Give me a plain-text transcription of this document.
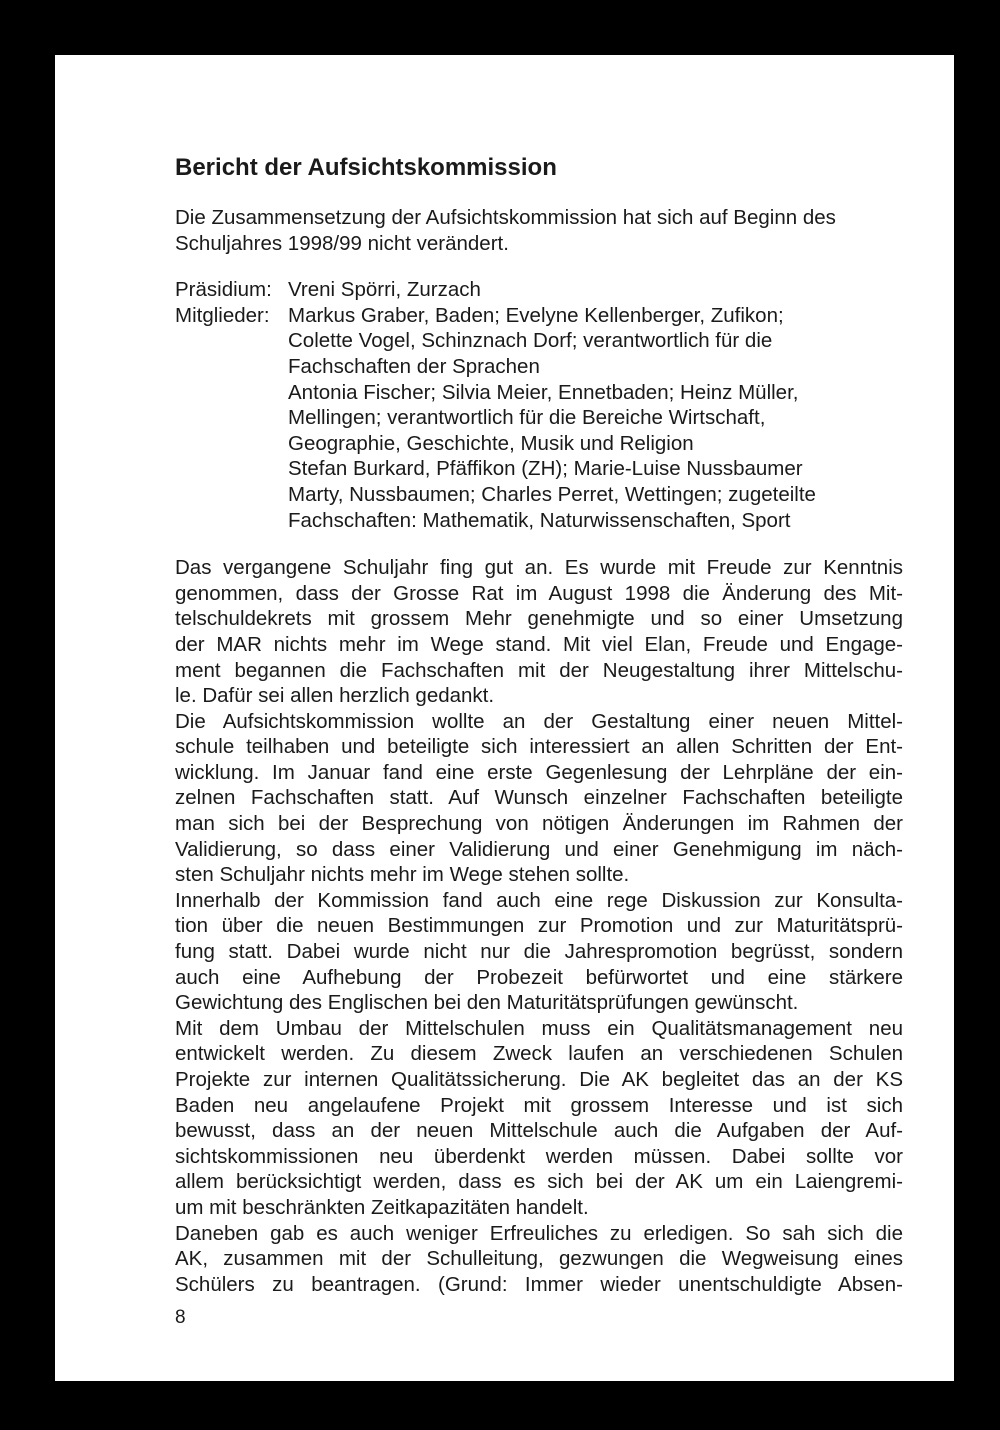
Bericht der Aufsichtskommission
Die Zusammensetzung der Aufsichtskommission hat sich auf Beginn des
Schuljahres 1998/99 nicht verändert.
Präsidium: Vreni Spörri, Zurzach
Mitglieder: Markus Graber, Baden; Evelyne Kellenberger, Zufikon;
Colette Vogel, Schinznach Dorf; verantwortlich für die
Fachschaften der Sprachen
Antonia Fischer; Silvia Meier, Ennetbaden; Heinz Müller,
Mellingen; verantwortlich für die Bereiche Wirtschaft,
Geographie, Geschichte, Musik und Religion
Stefan Burkard, Pfäffikon (ZH); Marie-Luise Nussbaumer
Marty, Nussbaumen; Charles Perret, Wettingen; zugeteilte
Fachschaften: Mathematik, Naturwissenschaften, Sport
Das vergangene Schuljahr fing gut an. Es wurde mit Freude zur Kenntnis
genommen, dass der Grosse Rat im August 1998 die Änderung des Mit-
telschuldekrets mit grossem Mehr genehmigte und so einer Umsetzung
der MAR nichts mehr im Wege stand. Mit viel Elan, Freude und Engage-
ment begannen die Fachschaften mit der Neugestaltung ihrer Mittelschu-
le. Dafür sei allen herzlich gedankt.
Die Aufsichtskommission wollte an der Gestaltung einer neuen Mittel-
schule teilhaben und beteiligte sich interessiert an allen Schritten der Ent-
wicklung. Im Januar fand eine erste Gegenlesung der Lehrpläne der ein-
zelnen Fachschaften statt. Auf Wunsch einzelner Fachschaften beteiligte
man sich bei der Besprechung von nötigen Änderungen im Rahmen der
Validierung, so dass einer Validierung und einer Genehmigung im näch-
sten Schuljahr nichts mehr im Wege stehen sollte.
Innerhalb der Kommission fand auch eine rege Diskussion zur Konsulta-
tion über die neuen Bestimmungen zur Promotion und zur Maturitätsprü-
fung statt. Dabei wurde nicht nur die Jahrespromotion begrüsst, sondern
auch eine Aufhebung der Probezeit befürwortet und eine stärkere
Gewichtung des Englischen bei den Maturitätsprüfungen gewünscht.
Mit dem Umbau der Mittelschulen muss ein Qualitätsmanagement neu
entwickelt werden. Zu diesem Zweck laufen an verschiedenen Schulen
Projekte zur internen Qualitätssicherung. Die AK begleitet das an der KS
Baden neu angelaufene Projekt mit grossem Interesse und ist sich
bewusst, dass an der neuen Mittelschule auch die Aufgaben der Auf-
sichtskommissionen neu überdenkt werden müssen. Dabei sollte vor
allem berücksichtigt werden, dass es sich bei der AK um ein Laiengremi-
um mit beschränkten Zeitkapazitäten handelt.
Daneben gab es auch weniger Erfreuliches zu erledigen. So sah sich die
AK, zusammen mit der Schulleitung, gezwungen die Wegweisung eines
Schülers zu beantragen. (Grund: Immer wieder unentschuldigte Absen-
8
